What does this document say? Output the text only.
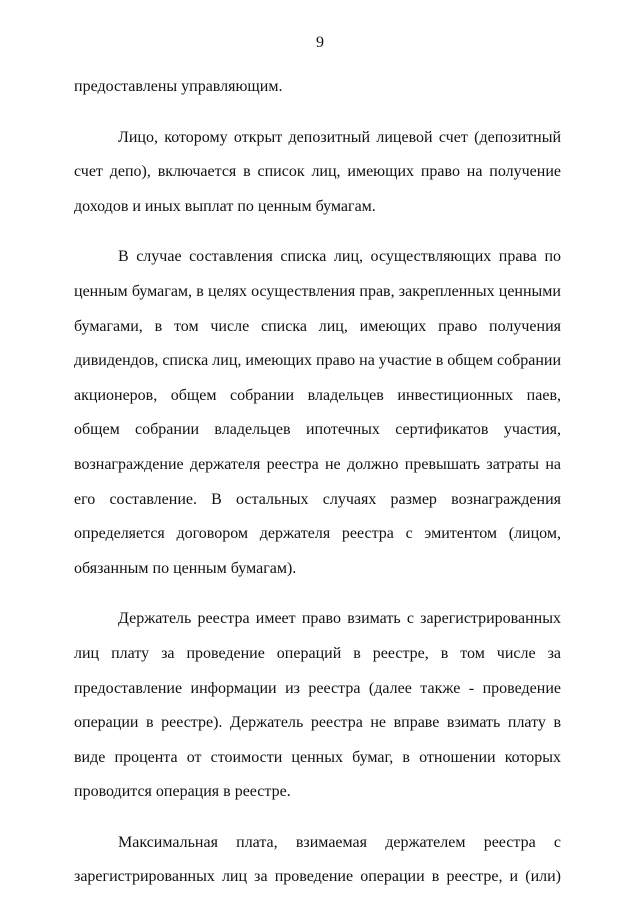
9

предоставлены управляющим.

Лицо, которому открыт депозитный лицевой счет (депозитный счет депо), включается в список лиц, имеющих право на получение доходов и иных выплат по ценным бумагам.

В случае составления списка лиц, осуществляющих права по ценным бумагам, в целях осуществления прав, закрепленных ценными бумагами, в том числе списка лиц, имеющих право получения дивидендов, списка лиц, имеющих право на участие в общем собрании акционеров, общем собрании владельцев инвестиционных паев, общем собрании владельцев ипотечных сертификатов участия, вознаграждение держателя реестра не должно превышать затраты на его составление. В остальных случаях размер вознаграждения определяется договором держателя реестра с эмитентом (лицом, обязанным по ценным бумагам).

Держатель реестра имеет право взимать с зарегистрированных лиц плату за проведение операций в реестре, в том числе за предоставление информации из реестра (далее также - проведение операции в реестре). Держатель реестра не вправе взимать плату в виде процента от стоимости ценных бумаг, в отношении которых проводится операция в реестре.

Максимальная плата, взимаемая держателем реестра с зарегистрированных лиц за проведение операции в реестре, и (или)
